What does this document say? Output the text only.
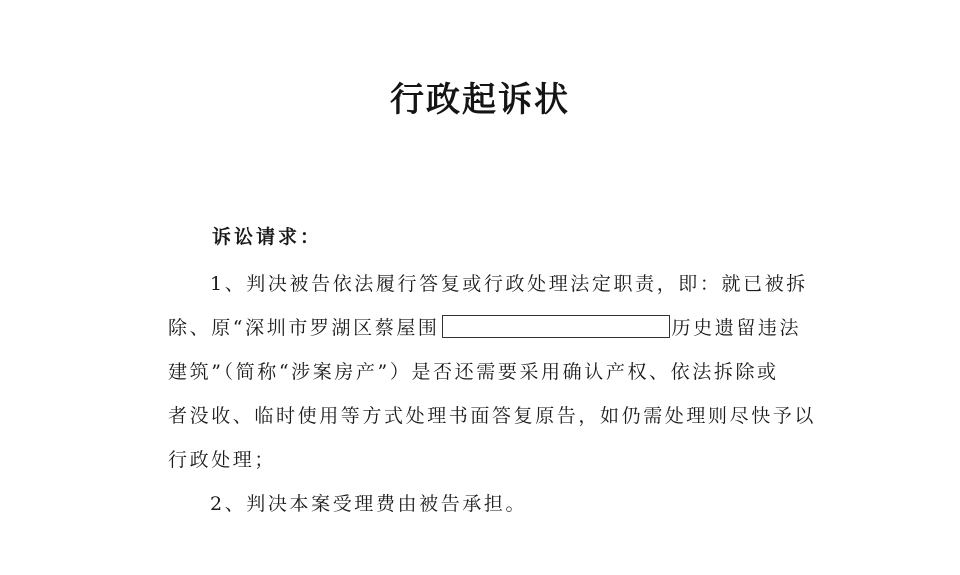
行政起诉状
诉讼请求：
1、判决被告依法履行答复或行政处理法定职责，即：就已被拆
除、原“深圳市罗湖区蔡屋围	历史遗留违法
建筑”（简称“涉案房产”）是否还需要采用确认产权、依法拆除或
者没收、临时使用等方式处理书面答复原告，如仍需处理则尽快予以
行政处理；
2、判决本案受理费由被告承担。
